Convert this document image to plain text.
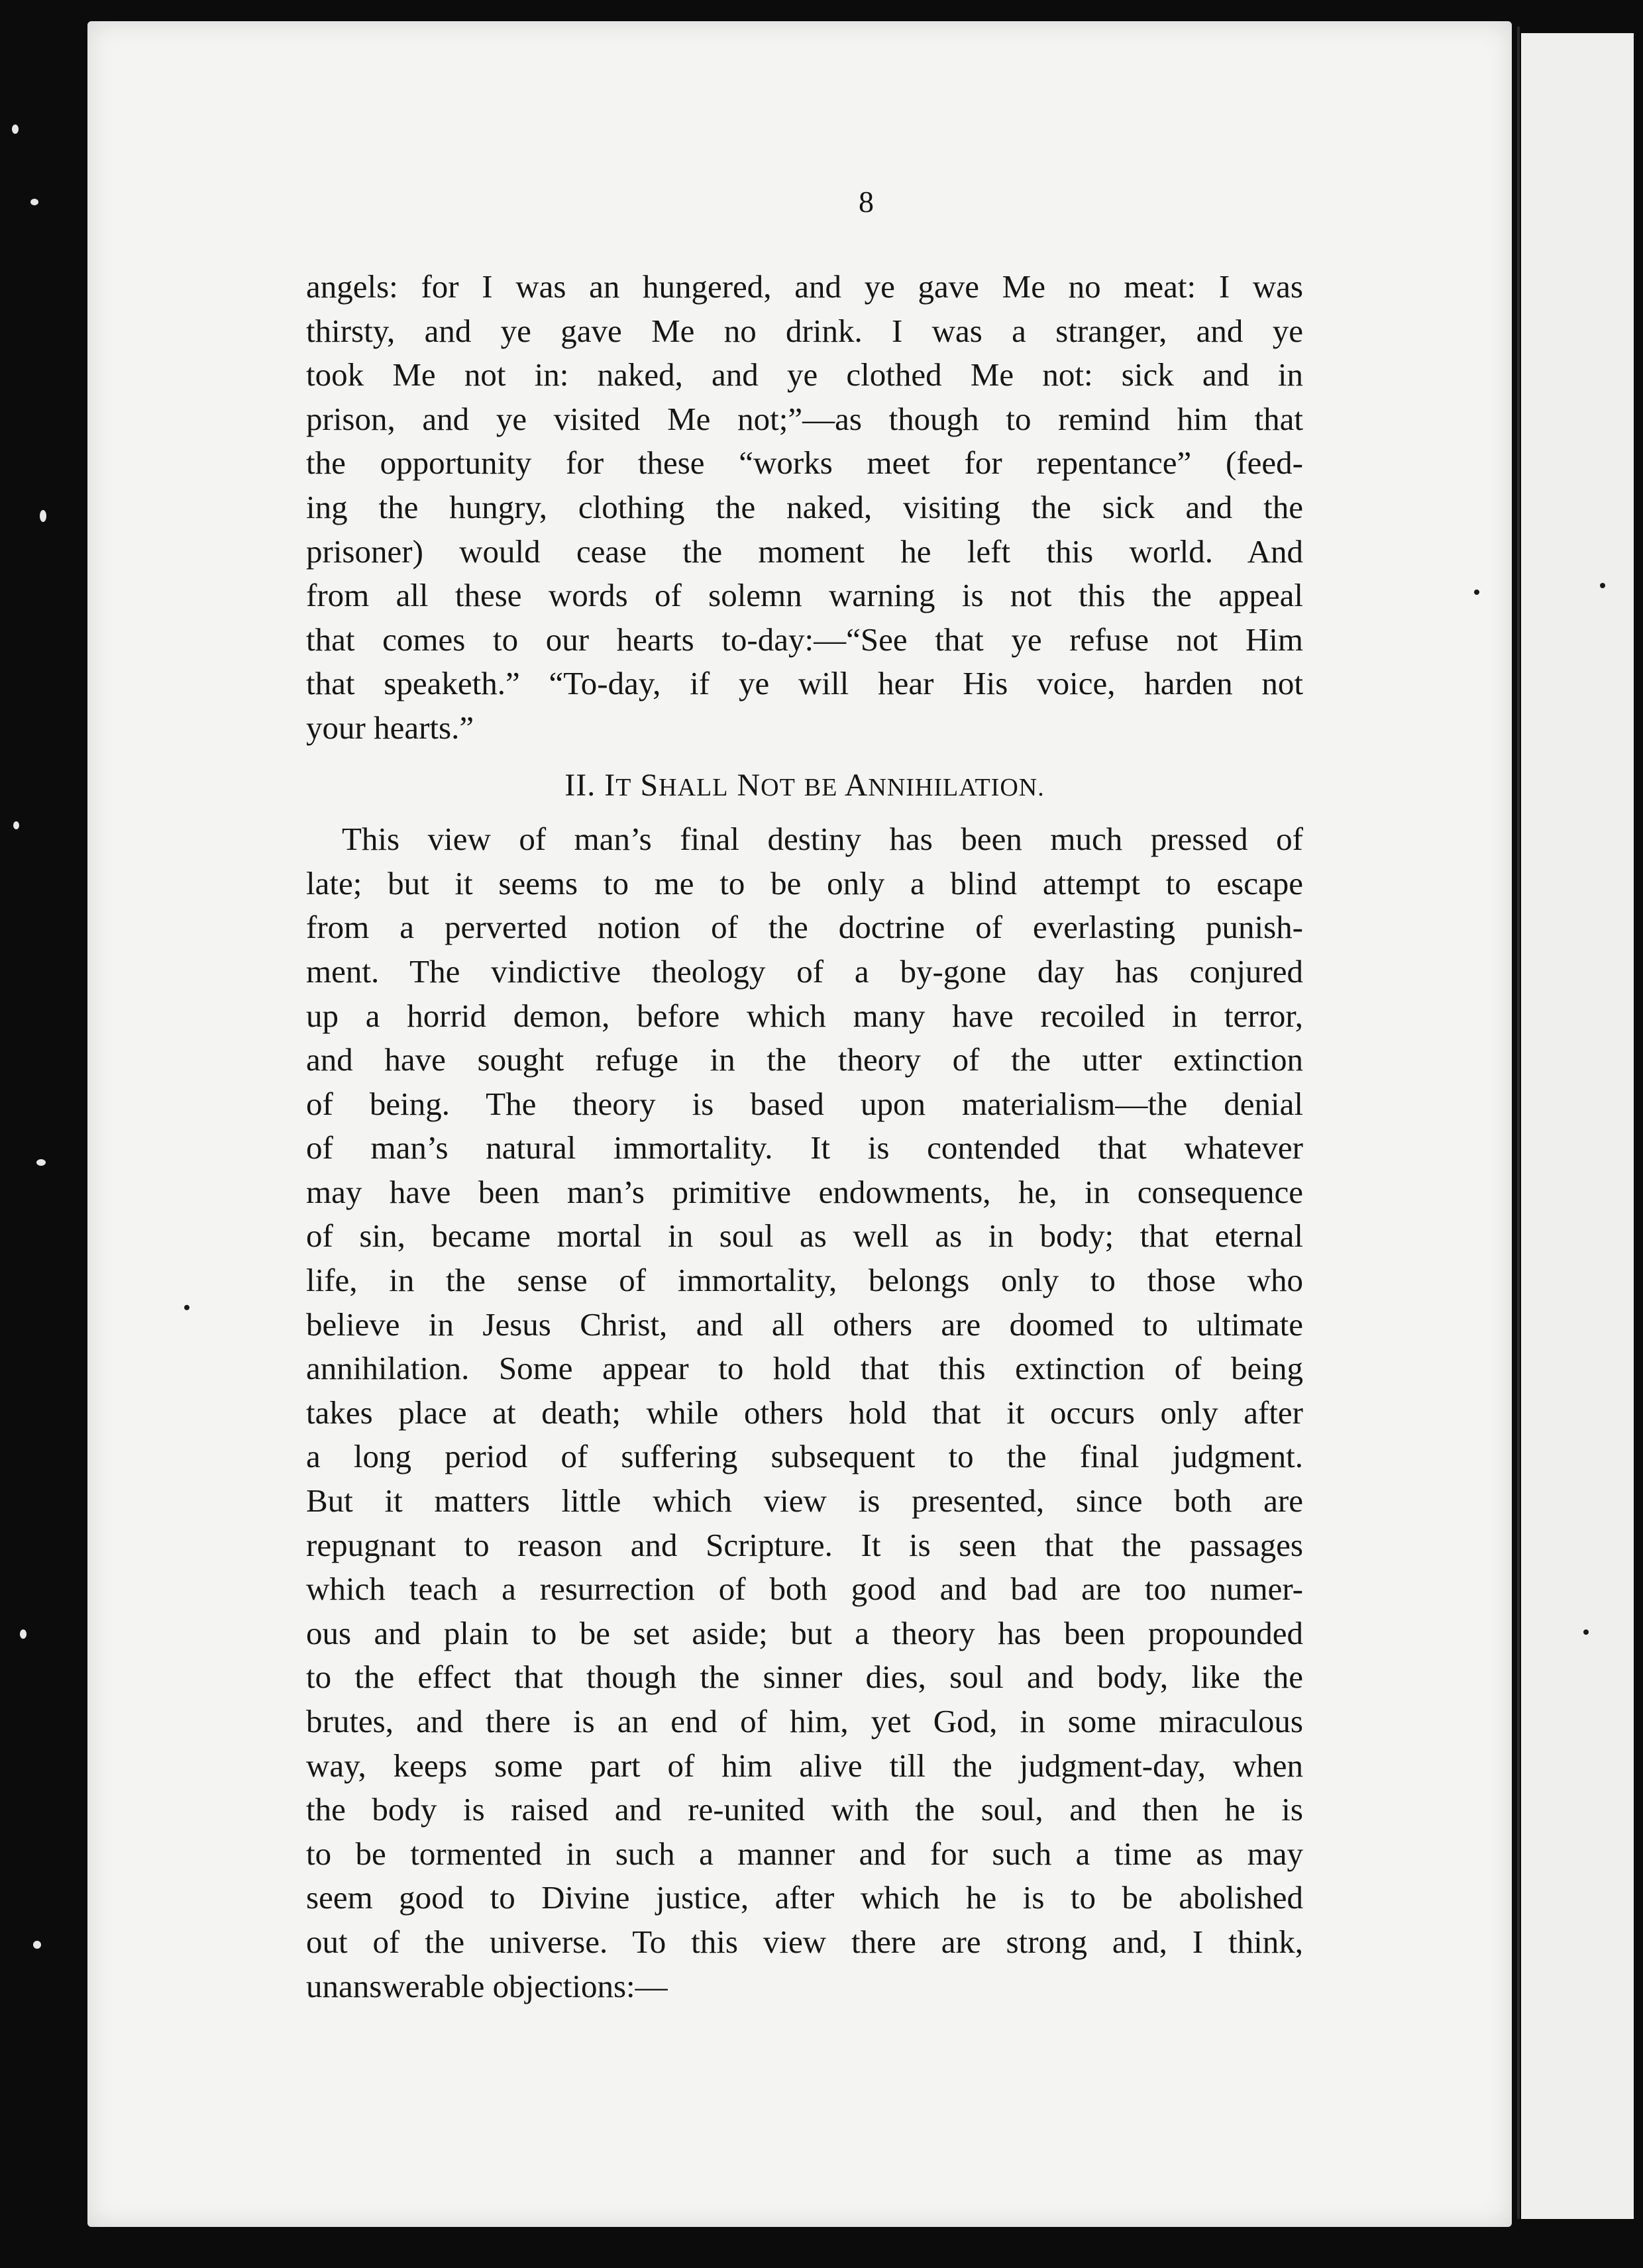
8

angels: for I was an hungered, and ye gave Me no meat: I was

thirsty, and ye gave Me no drink. I was a stranger, and ye

took Me not in: naked, and ye clothed Me not: sick and in

prison, and ye visited Me not;”—as though to remind him that

the opportunity for these “works meet for repentance” (feed-

ing the hungry, clothing the naked, visiting the sick and the

prisoner) would cease the moment he left this world. And

from all these words of solemn warning is not this the appeal

that comes to our hearts to-day:—“See that ye refuse not Him

that speaketh.” “To-day, if ye will hear His voice, harden not

your hearts.”

II. IT SHALL NOT BE ANNIHILATION.

This view of man’s final destiny has been much pressed of

late; but it seems to me to be only a blind attempt to escape

from a perverted notion of the doctrine of everlasting punish-

ment. The vindictive theology of a by-gone day has conjured

up a horrid demon, before which many have recoiled in terror,

and have sought refuge in the theory of the utter extinction

of being. The theory is based upon materialism—the denial

of man’s natural immortality. It is contended that whatever

may have been man’s primitive endowments, he, in consequence

of sin, became mortal in soul as well as in body; that eternal

life, in the sense of immortality, belongs only to those who

believe in Jesus Christ, and all others are doomed to ultimate

annihilation. Some appear to hold that this extinction of being

takes place at death; while others hold that it occurs only after

a long period of suffering subsequent to the final judgment.

But it matters little which view is presented, since both are

repugnant to reason and Scripture. It is seen that the passages

which teach a resurrection of both good and bad are too numer-

ous and plain to be set aside; but a theory has been propounded

to the effect that though the sinner dies, soul and body, like the

brutes, and there is an end of him, yet God, in some miraculous

way, keeps some part of him alive till the judgment-day, when

the body is raised and re-united with the soul, and then he is

to be tormented in such a manner and for such a time as may

seem good to Divine justice, after which he is to be abolished

out of the universe. To this view there are strong and, I think,

unanswerable objections:—
